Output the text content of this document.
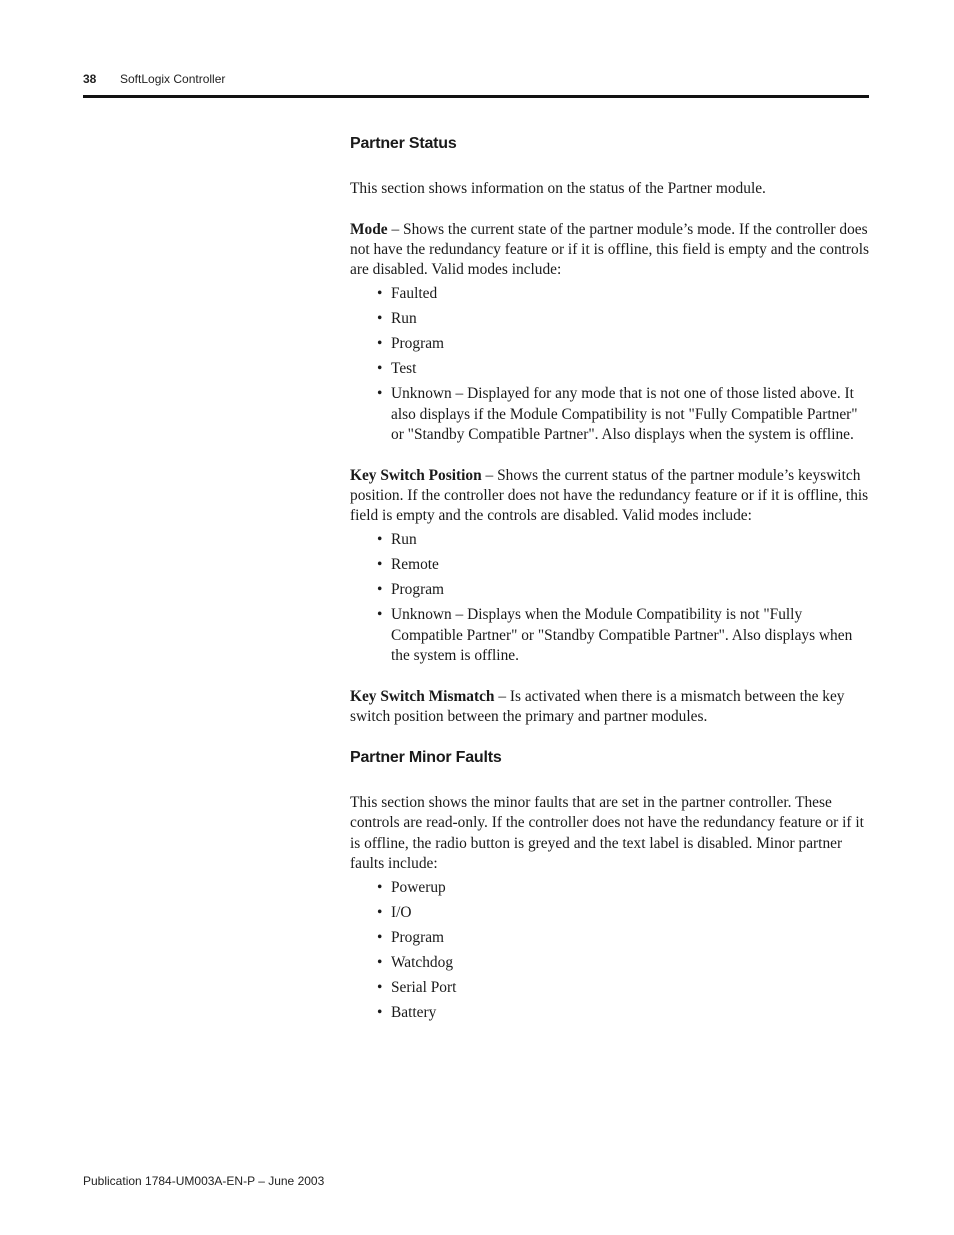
38	SoftLogix Controller
Partner Status

This section shows information on the status of the Partner module.

Mode – Shows the current state of the partner module’s mode. If the controller does not have the redundancy feature or if it is offline, this field is empty and the controls are disabled. Valid modes include:

• Faulted
• Run
• Program
• Test
• Unknown – Displayed for any mode that is not one of those listed above. It also displays if the Module Compatibility is not "Fully Compatible Partner" or "Standby Compatible Partner". Also displays when the system is offline.

Key Switch Position – Shows the current status of the partner module’s keyswitch position. If the controller does not have the redundancy feature or if it is offline, this field is empty and the controls are disabled. Valid modes include:

• Run
• Remote
• Program
• Unknown – Displays when the Module Compatibility is not "Fully Compatible Partner" or "Standby Compatible Partner". Also displays when the system is offline.

Key Switch Mismatch – Is activated when there is a mismatch between the key switch position between the primary and partner modules.

Partner Minor Faults

This section shows the minor faults that are set in the partner controller. These controls are read-only. If the controller does not have the redundancy feature or if it is offline, the radio button is greyed and the text label is disabled. Minor partner faults include:

• Powerup
• I/O
• Program
• Watchdog
• Serial Port
• Battery
Publication 1784-UM003A-EN-P – June 2003
